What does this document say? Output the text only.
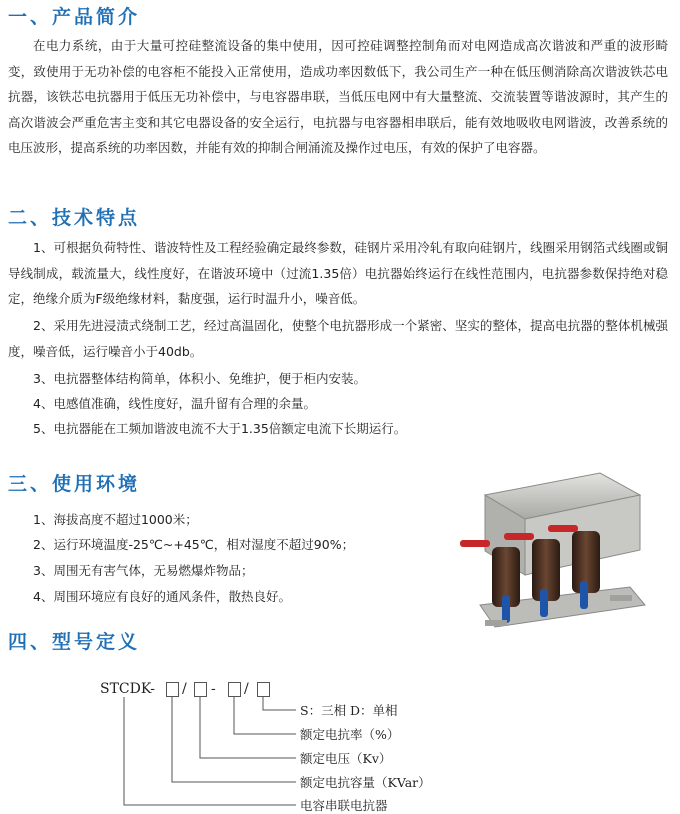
一、产品简介
在电力系统，由于大量可控硅整流设备的集中使用，因可控硅调整控制角而对电网造成高次谐波和严重的波形畸变，致使用于无功补偿的电容柜不能投入正常使用，造成功率因数低下，我公司生产一种在低压侧消除高次谐波铁芯电抗器，该铁芯电抗器用于低压无功补偿中，与电容器串联，当低压电网中有大量整流、交流装置等谐波源时，其产生的高次谐波会严重危害主变和其它电器设备的安全运行，电抗器与电容器相串联后，能有效地吸收电网谐波，改善系统的电压波形，提高系统的功率因数，并能有效的抑制合闸涌流及操作过电压，有效的保护了电容器。
二、技术特点
1、可根据负荷特性、谐波特性及工程经验确定最终参数，硅钢片采用冷轧有取向硅钢片，线圈采用钢箔式线圈或铜导线制成，载流量大，线性度好，在谐波环境中（过流1.35倍）电抗器始终运行在线性范围内，电抗器参数保持绝对稳定，绝缘介质为F级绝缘材料，黏度强，运行时温升小，噪音低。
2、采用先进浸渍式绕制工艺，经过高温固化，使整个电抗器形成一个紧密、坚实的整体，提高电抗器的整体机械强度，噪音低，运行噪音小于40db。
3、电抗器整体结构简单，体积小、免维护，便于柜内安装。
4、电感值准确，线性度好，温升留有合理的余量。
5、电抗器能在工频加谐波电流不大于1.35倍额定电流下长期运行。
三、使用环境
1、海拔高度不超过1000米；
2、运行环境温度-25℃~+45℃，相对湿度不超过90%；
3、周围无有害气体，无易燃爆炸物品；
4、周围环境应有良好的通风条件，散热良好。
四、型号定义
STCDK- / - /
S：三相 D：单相
额定电抗率（%）
额定电压（Kv）
额定电抗容量（KVar）
电容串联电抗器
